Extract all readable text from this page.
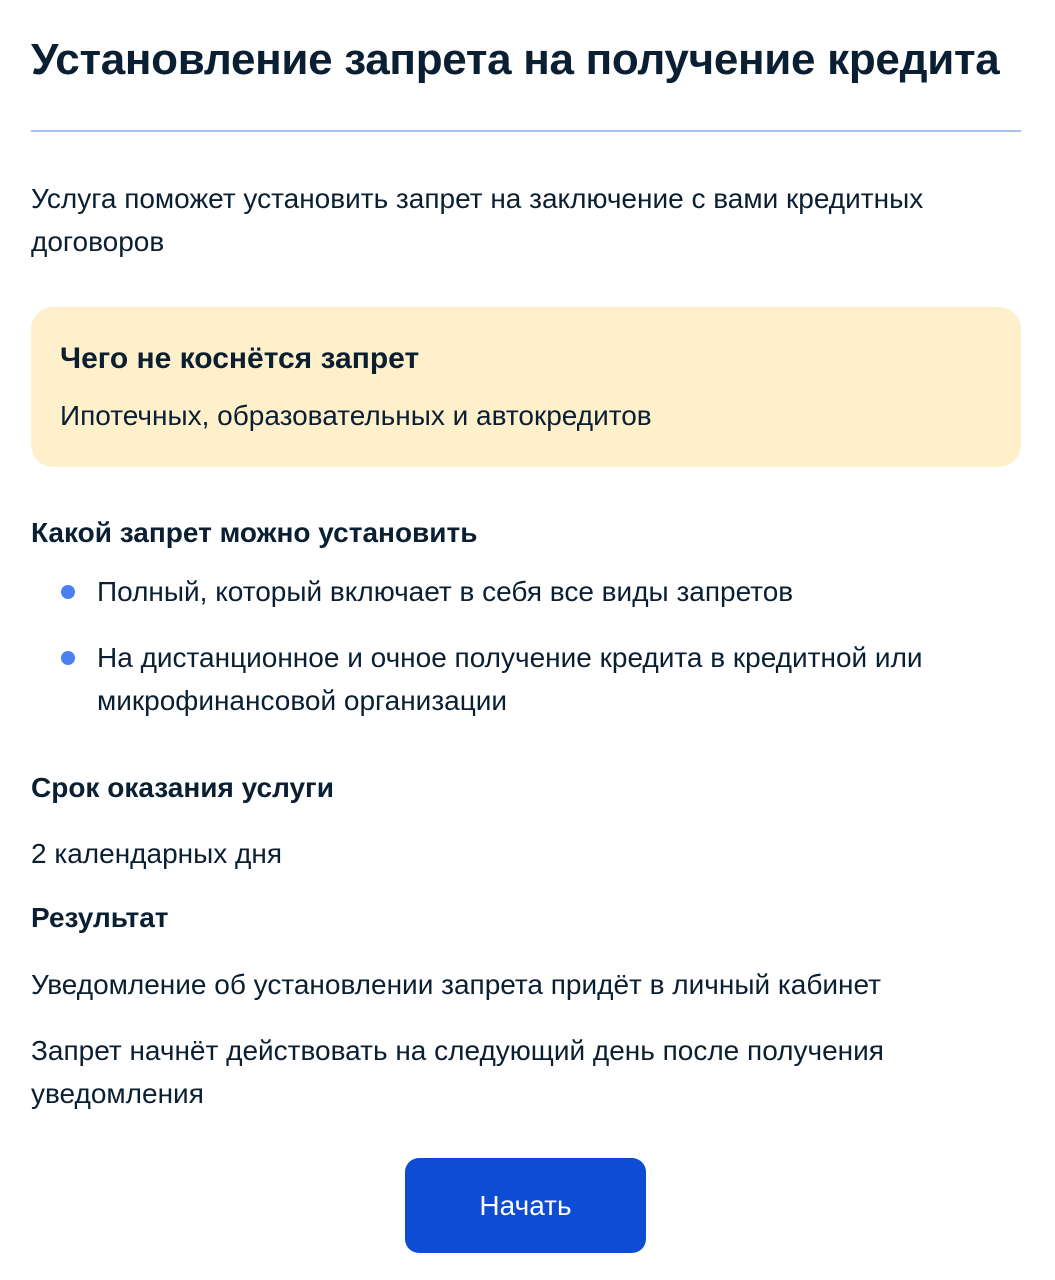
Установление запрета на получение кредита

Услуга поможет установить запрет на заключение с вами кредитных договоров

Чего не коснётся запрет

Ипотечных, образовательных и автокредитов

Какой запрет можно установить
Полный, который включает в себя все виды запретов
На дистанционное и очное получение кредита в кредитной или микрофинансовой организации
Срок оказания услуги

2 календарных дня

Результат

Уведомление об установлении запрета придёт в личный кабинет

Запрет начнёт действовать на следующий день после получения уведомления

Начать
